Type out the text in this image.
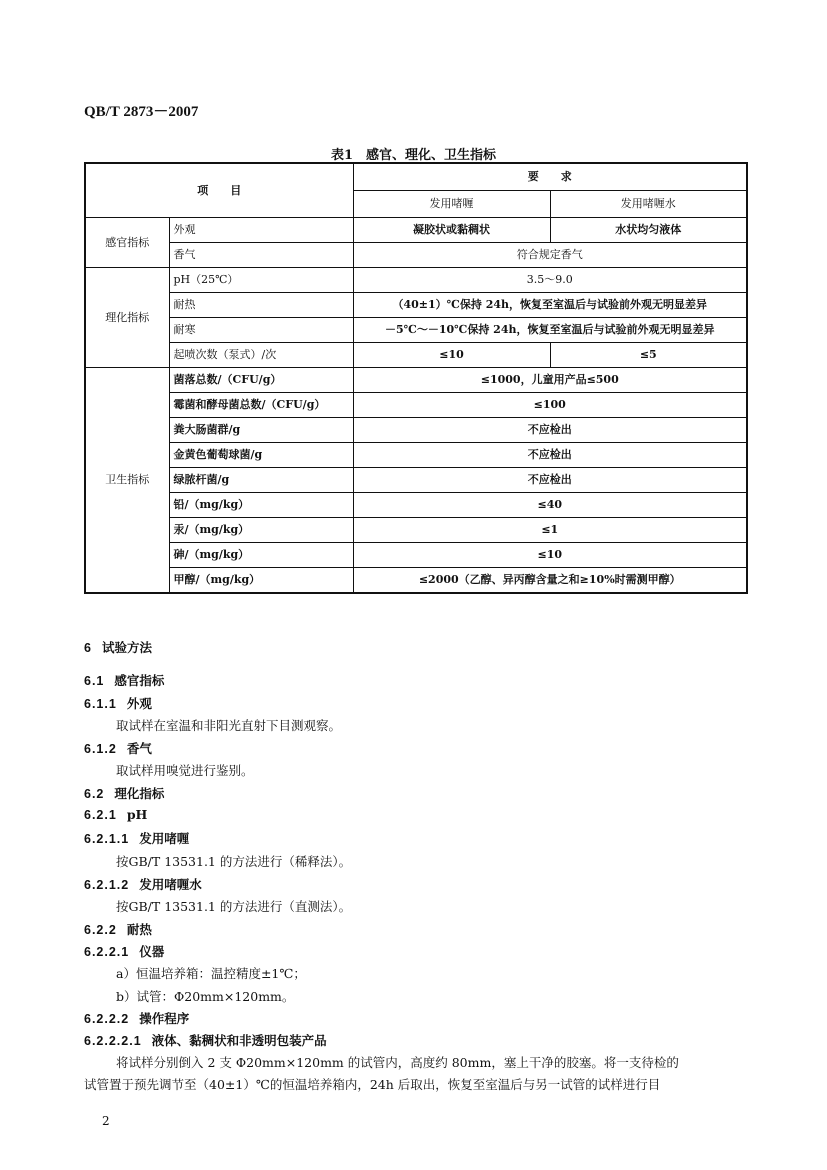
QB/T 2873－2007
表1　感官、理化、卫生指标
项　　目		要　　求	
		发用啫喱	发用啫喱水
感官指标	外观	凝胶状或黏稠状	水状均匀液体
	香气	符合规定香气	
理化指标	pH（25℃）	3.5～9.0	
	耐热	（40±1）℃保持 24h，恢复至室温后与试验前外观无明显差异	
	耐寒	－5℃～－10℃保持 24h，恢复至室温后与试验前外观无明显差异	
	起喷次数（泵式）/次	≤10	≤5
卫生指标	菌落总数/（CFU/g）	≤1000，儿童用产品≤500	
	霉菌和酵母菌总数/（CFU/g）	≤100	
	粪大肠菌群/g	不应检出	
	金黄色葡萄球菌/g	不应检出	
	绿脓杆菌/g	不应检出	
	铅/（mg/kg）	≤40	
	汞/（mg/kg）	≤1	
	砷/（mg/kg）	≤10	
	甲醇/（mg/kg）	≤2000（乙醇、异丙醇含量之和≥10%时需测甲醇）	
6 试验方法
6.1 感官指标
6.1.1 外观
取试样在室温和非阳光直射下目测观察。
6.1.2 香气
取试样用嗅觉进行鉴别。
6.2 理化指标
6.2.1 pH
6.2.1.1 发用啫喱
按GB/T 13531.1 的方法进行（稀释法）。
6.2.1.2 发用啫喱水
按GB/T 13531.1 的方法进行（直测法）。
6.2.2 耐热
6.2.2.1 仪器
a）恒温培养箱：温控精度±1℃；
b）试管：Φ20mm×120mm。
6.2.2.2 操作程序
6.2.2.2.1 液体、黏稠状和非透明包装产品
将试样分别倒入 2 支 Φ20mm×120mm 的试管内，高度约 80mm，塞上干净的胶塞。将一支待检的
试管置于预先调节至（40±1）℃的恒温培养箱内，24h 后取出，恢复至室温后与另一试管的试样进行目
2
